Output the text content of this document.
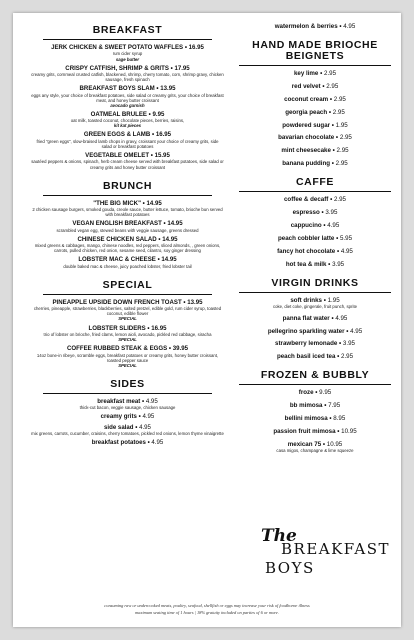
BREAKFAST
JERK CHICKEN & SWEET POTATO WAFFLES • 16.95
rum cider syrup
sage butter
CRISPY CATFISH, SHRIMP & GRITS • 17.95
creamy grits, cornmeal crusted catfish, blackened, shrimp, cherry tomato, corn, shrimp gravy, chicken sausage, fresh spinach
BREAKFAST BOYS SLAM • 13.95
eggs any style, your choice of breakfast potatoes, side salad or creamy grits, your choice of breakfast meat, and honey butter croissant
avocado garnish
OATMEAL BRULEE • 9.95
oat milk, toasted coconut, chocolate pieces, berries, raisins,
kit kat pieces
GREEN EGGS & LAMB • 16.95
fried "green eggs", slow-braised lamb chops in gravy, croissant your choice of creamy grits, side salad or breakfast potatoes
VEGETABLE OMELET • 15.95
sautéed peppers & onions, spinach, herb cream cheese served with breakfast potatoes, side salad or creamy grits and honey butter croissant
BRUNCH
"THE BIG MICK" • 14.95
2 chicken sausage burgers, smoked gouda, creole sauce, butter lettuce, tomato, brioche bun served with breakfast potatoes
VEGAN ENGLISH BREAKFAST • 14.95
scrambled vegan egg, stewed beans with veggie sausage, greens dressed
CHINESE CHICKEN SALAD • 14.95
mixed greens & cabbages, mango, chinese noodles, red peppers, sliced almonds, , green onions, carrots, pulled chicken, red onion, sesame seed, cilantro, soy ginger dressing
LOBSTER MAC & CHEESE • 14.95
double baked mac & cheese, juicy poached lobster, fried lobster tail
SPECIAL
PINEAPPLE UPSIDE DOWN FRENCH TOAST • 13.95
cherries, pineapple, strawberries, blackberries, salted pretzel, edible gold, rum cider syrup, toasted coconut, edible flower
SPECIAL
LOBSTER SLIDERS • 16.95
trio of lobster on brioche, fried clams, lemon aioli, avocado, pickled red cabbage, siracha
SPECIAL
COFFEE RUBBED STEAK & EGGS • 39.95
14oz bone-in ribeye, scramble eggs, breakfast potatoes or creamy grits, honey butter croissant, roasted pepper sauce
SPECIAL
SIDES
breakfast meat • 4.95
thick-cut bacon, veggie sausage, chicken sausage
creamy grits • 4.95
side salad • 4.95
mix greens, carrots, cucumber, craisins, cherry tomatoes, pickled red onions, lemon thyme vinaigrette
breakfast potatoes • 4.95
watermelon & berries • 4.95
HAND MADE BRIOCHE BEIGNETS
key lime • 2.95
red velvet • 2.95
coconut cream • 2.95
georgia peach • 2.95
powdered sugar • 1.95
bavarian chocolate • 2.95
mint cheesecake • 2.95
banana pudding • 2.95
CAFFE
coffee & decaff • 2.95
espresso • 3.95
cappucino • 4.95
peach cobbler latte • 5.95
fancy hot chocolate • 4.95
hot tea & milk • 3.95
VIRGIN DRINKS
soft drinks • 1.95
coke, diet coke, gingerale, fruit punch, sprite
panna flat water • 4.95
pellegrino sparkling water • 4.95
strawberry lemonade • 3.95
peach basil iced tea • 2.95
FROZEN & BUBBLY
froze • 9.95
bb mimosa • 7.95
bellini mimosa • 8.95
passion fruit mimosa • 10.95
mexican 75 • 10.95
casa migos, champagne & lime squeeze
The
BREAKFAST
BOYS
consuming raw or undercooked meats, poultry, seafood, shellfish or eggs may increase your risk of foodborne illness
maximum seating time of 1 hours | 18% gratuity included on parties of 6 or more.
